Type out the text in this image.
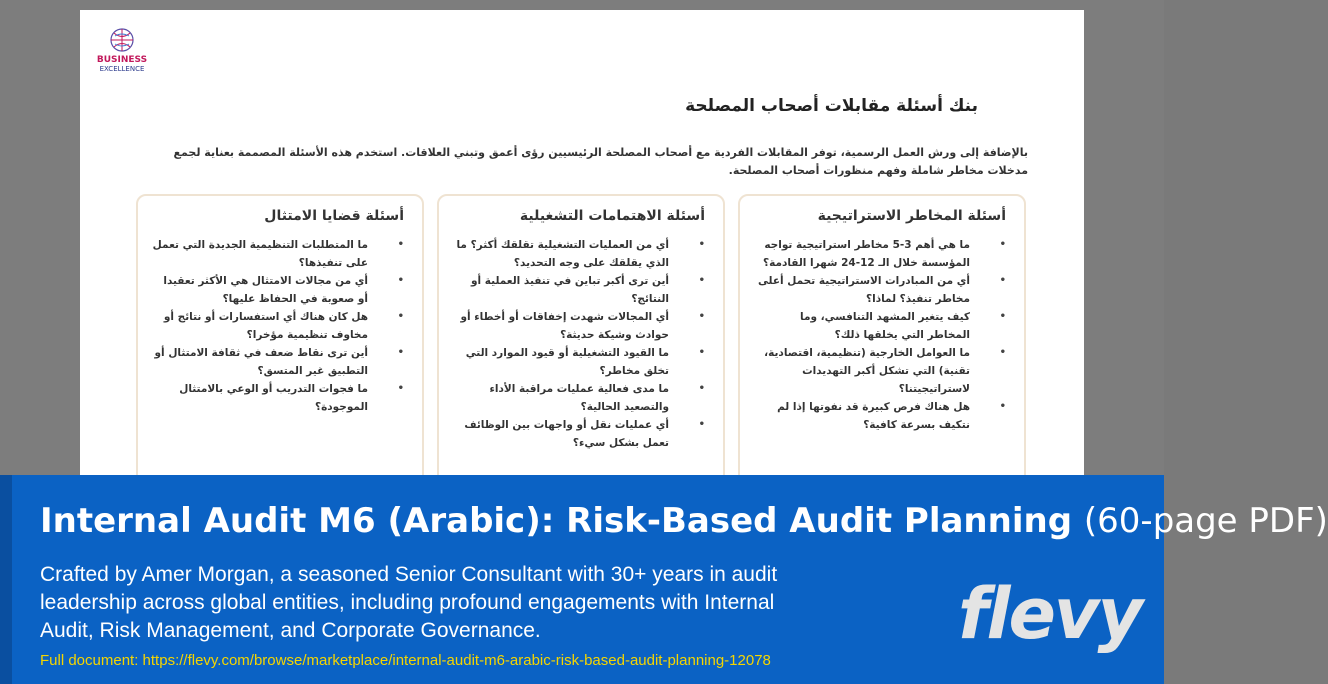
BUSINESS
EXCELLENCE
بنك أسئلة مقابلات أصحاب المصلحة
بالإضافة إلى ورش العمل الرسمية، توفر المقابلات الفردية مع أصحاب المصلحة الرئيسيين رؤى أعمق وتبني العلاقات. استخدم هذه الأسئلة المصممة بعناية لجمع مدخلات مخاطر شاملة وفهم منظورات أصحاب المصلحة.
أسئلة المخاطر الاستراتيجية
•
ما هي أهم 3-5 مخاطر استراتيجية تواجه المؤسسة خلال الـ 12-24 شهرا القادمة؟
•
أي من المبادرات الاستراتيجية تحمل أعلى مخاطر تنفيذ؟ لماذا؟
•
كيف يتغير المشهد التنافسي، وما المخاطر التي يخلقها ذلك؟
•
ما العوامل الخارجية (تنظيمية، اقتصادية، تقنية) التي تشكل أكبر التهديدات لاستراتيجيتنا؟
•
هل هناك فرص كبيرة قد نفوتها إذا لم نتكيف بسرعة كافية؟
أسئلة الاهتمامات التشغيلية
•
أي من العمليات التشغيلية تقلقك أكثر؟ ما الذي يقلقك على وجه التحديد؟
•
أين ترى أكبر تباين في تنفيذ العملية أو النتائج؟
•
أي المجالات شهدت إخفاقات أو أخطاء أو حوادث وشيكة حديثة؟
•
ما القيود التشغيلية أو قيود الموارد التي تخلق مخاطر؟
•
ما مدى فعالية عمليات مراقبة الأداء والتصعيد الحالية؟
•
أي عمليات نقل أو واجهات بين الوظائف تعمل بشكل سيء؟
أسئلة قضايا الامتثال
•
ما المتطلبات التنظيمية الجديدة التي تعمل على تنفيذها؟
•
أي من مجالات الامتثال هي الأكثر تعقيدا أو صعوبة في الحفاظ عليها؟
•
هل كان هناك أي استفسارات أو نتائج أو مخاوف تنظيمية مؤخرا؟
•
أين ترى نقاط ضعف في ثقافة الامتثال أو التطبيق غير المتسق؟
•
ما فجوات التدريب أو الوعي بالامتثال الموجودة؟
Internal Audit M6 (Arabic): Risk-Based Audit Planning (60-page PDF)
Crafted by Amer Morgan, a seasoned Senior Consultant with 30+ years in audit leadership across global entities, including profound engagements with Internal Audit, Risk Management, and Corporate Governance.
Full document: https://flevy.com/browse/marketplace/internal-audit-m6-arabic-risk-based-audit-planning-12078
flevy
